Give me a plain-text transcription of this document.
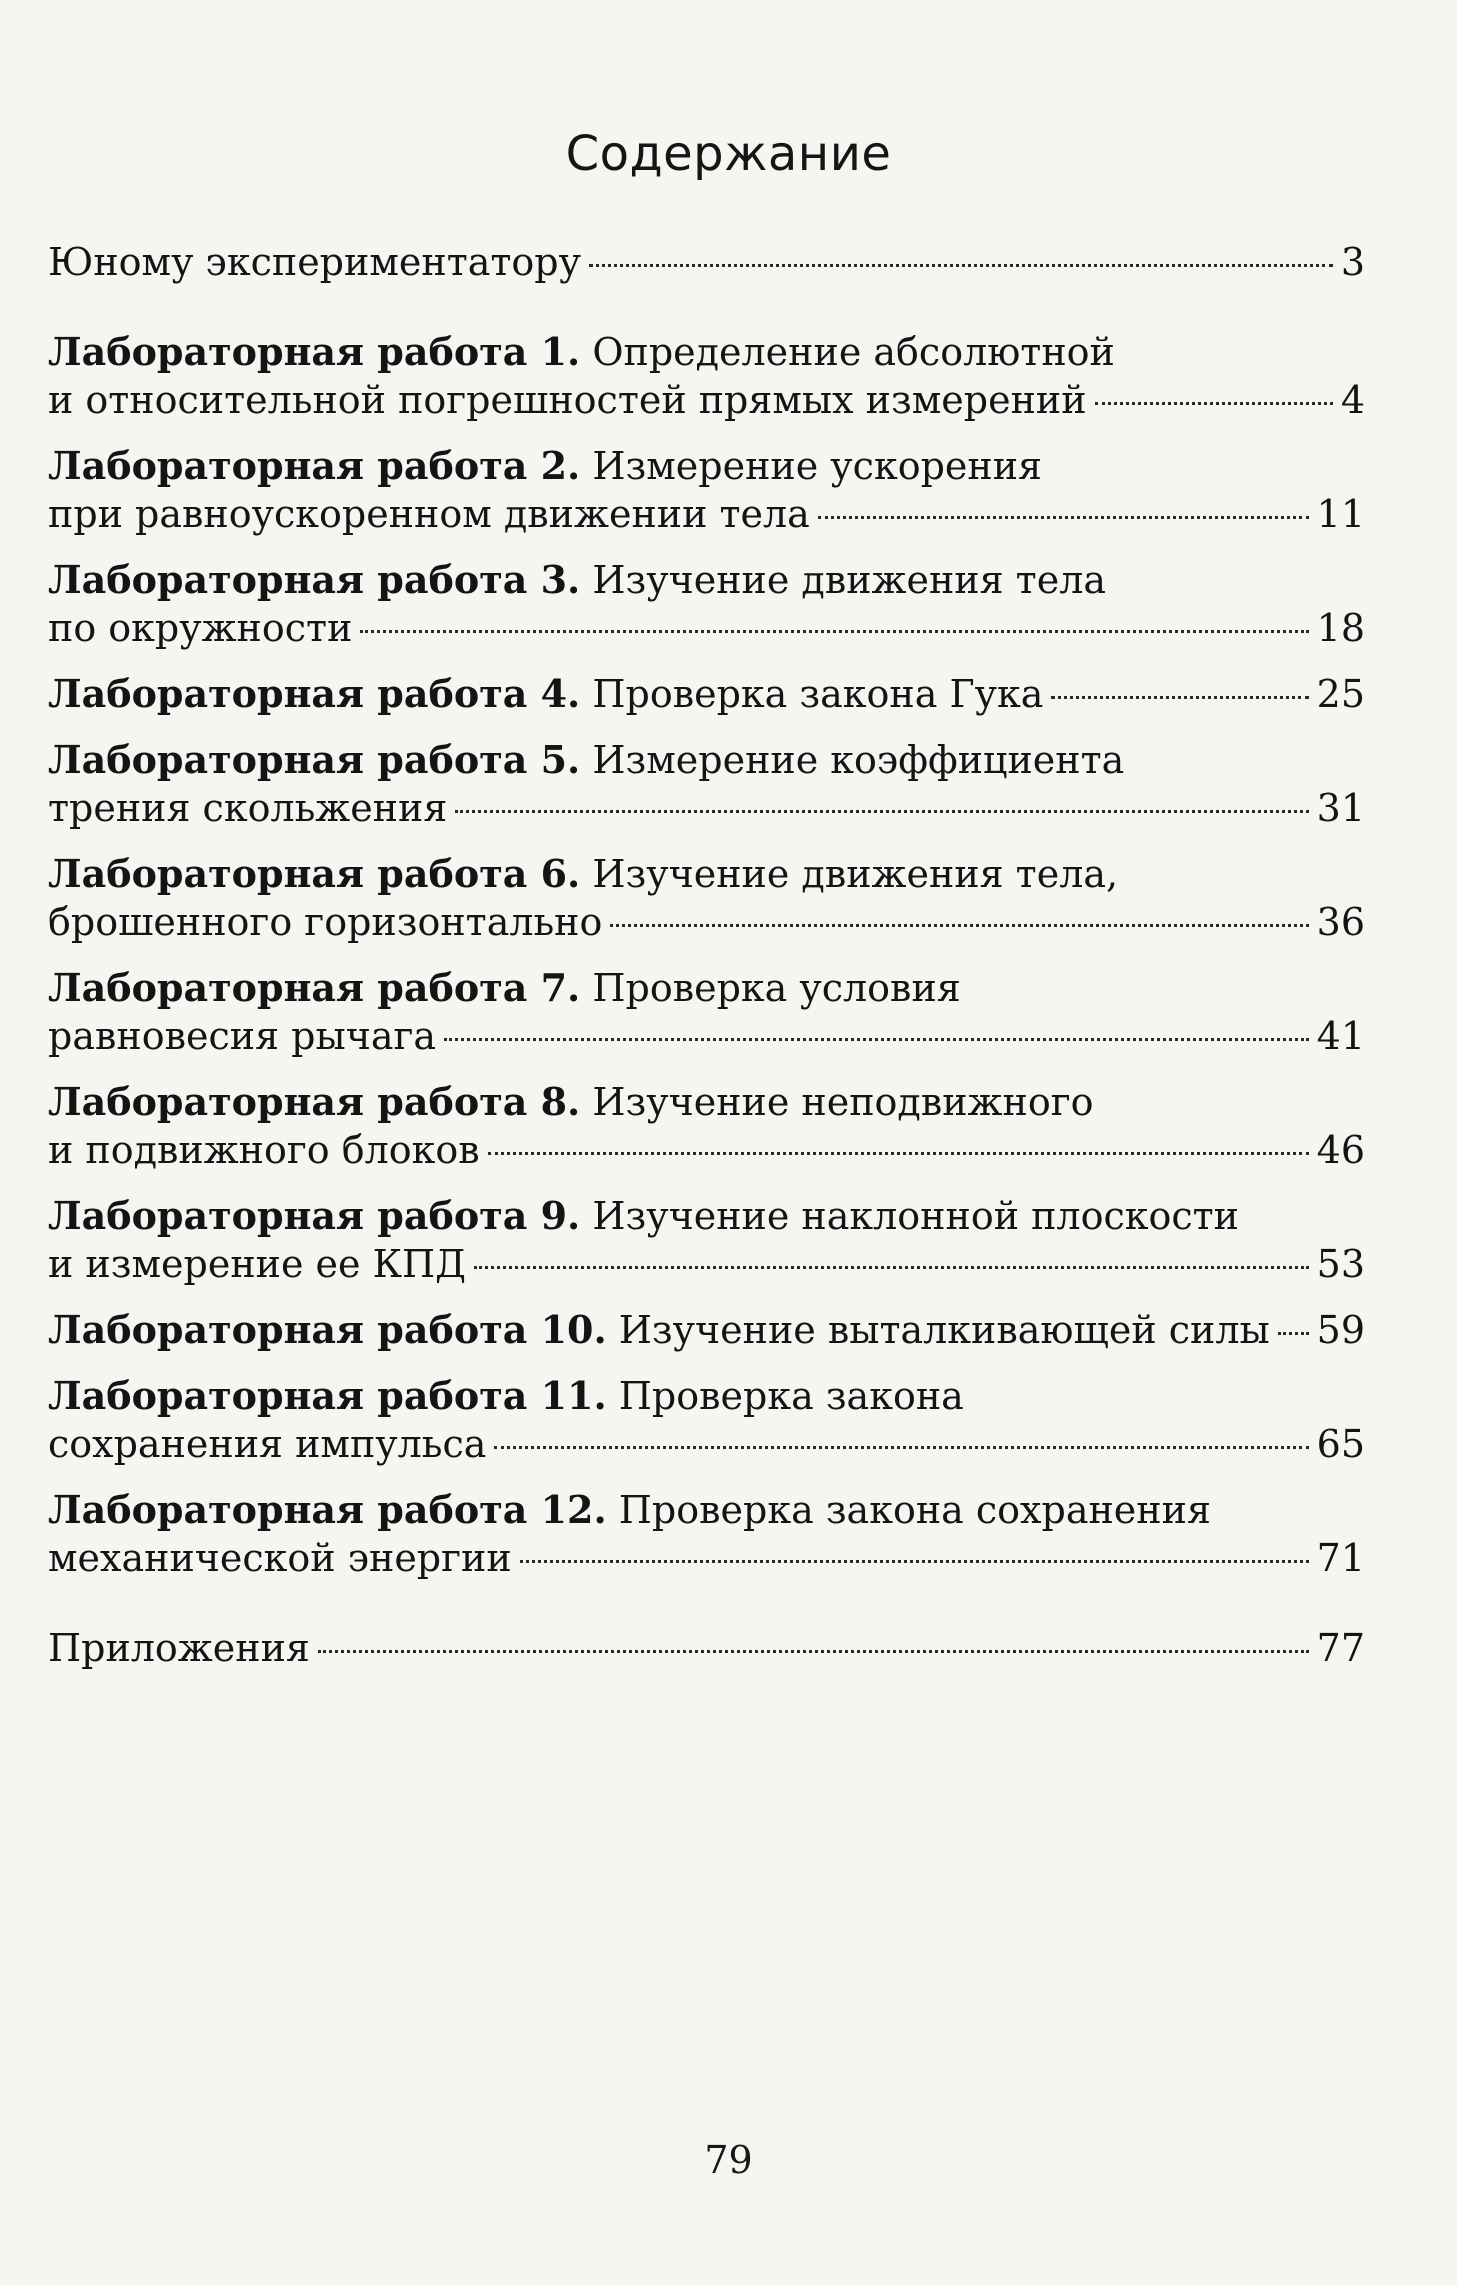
Содержание
Юному экспериментатору	3
Лабораторная работа 1. Определение абсолютной
и относительной погрешностей прямых измерений	4
Лабораторная работа 2. Измерение ускорения
при равноускоренном движении тела	11
Лабораторная работа 3. Изучение движения тела
по окружности	18
Лабораторная работа 4. Проверка закона Гука	25
Лабораторная работа 5. Измерение коэффициента
трения скольжения	31
Лабораторная работа 6. Изучение движения тела,
брошенного горизонтально	36
Лабораторная работа 7. Проверка условия
равновесия рычага	41
Лабораторная работа 8. Изучение неподвижного
и подвижного блоков	46
Лабораторная работа 9. Изучение наклонной плоскости
и измерение ее КПД	53
Лабораторная работа 10. Изучение выталкивающей силы 59
Лабораторная работа 11. Проверка закона
сохранения импульса	65
Лабораторная работа 12. Проверка закона сохранения
механической энергии	71
Приложения	77
79
